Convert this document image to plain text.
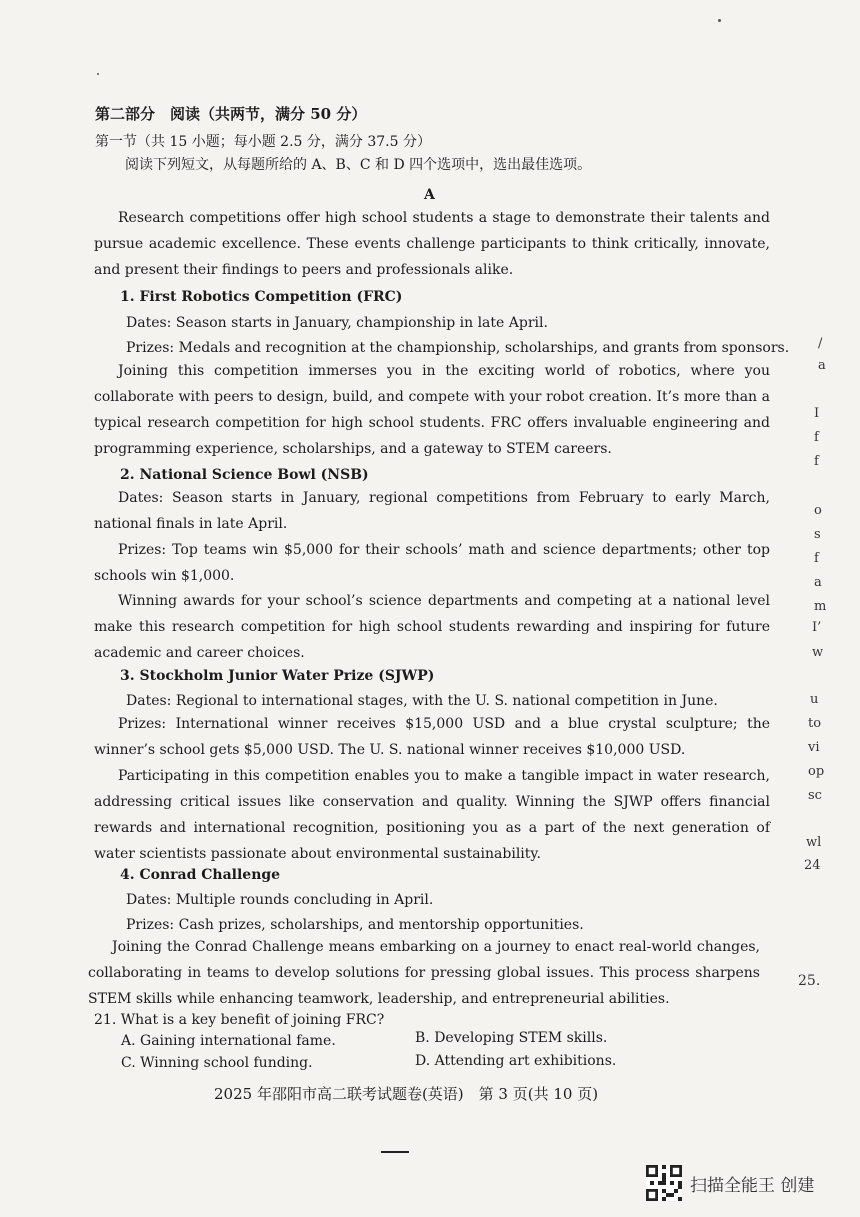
第二部分　阅读（共两节，满分 50 分）
第一节（共 15 小题；每小题 2.5 分，满分 37.5 分）
阅读下列短文，从每题所给的 A、B、C 和 D 四个选项中，选出最佳选项。
A
Research competitions offer high school students a stage to demonstrate their talents and pursue academic excellence. These events challenge participants to think critically, innovate, and present their findings to peers and professionals alike.
1. First Robotics Competition (FRC)
Dates: Season starts in January, championship in late April.
Prizes: Medals and recognition at the championship, scholarships, and grants from sponsors.
Joining this competition immerses you in the exciting world of robotics, where you collaborate with peers to design, build, and compete with your robot creation. It’s more than a typical research competition for high school students. FRC offers invaluable engineering and programming experience, scholarships, and a gateway to STEM careers.
2. National Science Bowl (NSB)
Dates: Season starts in January, regional competitions from February to early March, national finals in late April.
Prizes: Top teams win $5,000 for their schools’ math and science departments; other top schools win $1,000.
Winning awards for your school’s science departments and competing at a national level make this research competition for high school students rewarding and inspiring for future academic and career choices.
3. Stockholm Junior Water Prize (SJWP)
Dates: Regional to international stages, with the U. S. national competition in June.
Prizes: International winner receives $15,000 USD and a blue crystal sculpture; the winner’s school gets $5,000 USD. The U. S. national winner receives $10,000 USD.
Participating in this competition enables you to make a tangible impact in water research, addressing critical issues like conservation and quality. Winning the SJWP offers financial rewards and international recognition, positioning you as a part of the next generation of water scientists passionate about environmental sustainability.
4. Conrad Challenge
Dates: Multiple rounds concluding in April.
Prizes: Cash prizes, scholarships, and mentorship opportunities.
Joining the Conrad Challenge means embarking on a journey to enact real-world changes, collaborating in teams to develop solutions for pressing global issues. This process sharpens STEM skills while enhancing teamwork, leadership, and entrepreneurial abilities.
21. What is a key benefit of joining FRC?
A. Gaining international fame.	B. Developing STEM skills.
C. Winning school funding.	D. Attending art exhibitions.
2025 年邵阳市高二联考试题卷(英语)　第 3 页(共 10 页)
/
a
I
f
f
o
s
f
a
m
I’
w
u
to
vi
op
sc
wl
24
25.
扫描全能王 创建
